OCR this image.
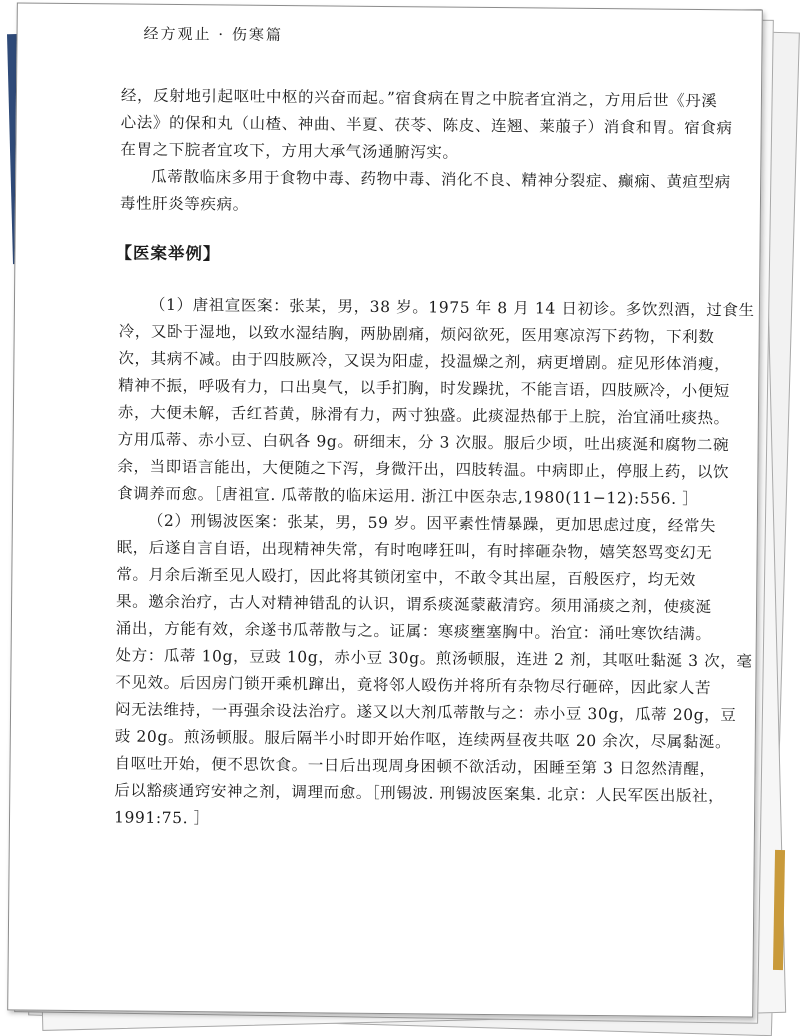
经方观止 · 伤寒篇
经，反射地引起呕吐中枢的兴奋而起。”宿食病在胃之中脘者宜消之，方用后世《丹溪
心法》的保和丸（山楂、神曲、半夏、茯苓、陈皮、连翘、莱菔子）消食和胃。宿食病
在胃之下脘者宜攻下，方用大承气汤通腑泻实。
瓜蒂散临床多用于食物中毒、药物中毒、消化不良、精神分裂症、癫痫、黄疸型病
毒性肝炎等疾病。
【医案举例】
（1）唐祖宣医案：张某，男，38 岁。1975 年 8 月 14 日初诊。多饮烈酒，过食生
冷，又卧于湿地，以致水湿结胸，两胁剧痛，烦闷欲死，医用寒凉泻下药物，下利数
次，其病不减。由于四肢厥冷，又误为阳虚，投温燥之剂，病更增剧。症见形体消瘦，
精神不振，呼吸有力，口出臭气，以手扪胸，时发躁扰，不能言语，四肢厥冷，小便短
赤，大便未解，舌红苔黄，脉滑有力，两寸独盛。此痰湿热郁于上脘，治宜涌吐痰热。
方用瓜蒂、赤小豆、白矾各 9g。研细末，分 3 次服。服后少顷，吐出痰涎和腐物二碗
余，当即语言能出，大便随之下泻，身微汗出，四肢转温。中病即止，停服上药，以饮
食调养而愈。［唐祖宣. 瓜蒂散的临床运用. 浙江中医杂志,1980(11−12):556. ］
（2）刑锡波医案：张某，男，59 岁。因平素性情暴躁，更加思虑过度，经常失
眠，后遂自言自语，出现精神失常，有时咆哮狂叫，有时摔砸杂物，嬉笑怒骂变幻无
常。月余后渐至见人殴打，因此将其锁闭室中，不敢令其出屋，百般医疗，均无效
果。邀余治疗，古人对精神错乱的认识，谓系痰涎蒙蔽清窍。须用涌痰之剂，使痰涎
涌出，方能有效，余遂书瓜蒂散与之。证属：寒痰壅塞胸中。治宜：涌吐寒饮结满。
处方：瓜蒂 10g，豆豉 10g，赤小豆 30g。煎汤顿服，连进 2 剂，其呕吐黏涎 3 次，毫
不见效。后因房门锁开乘机蹿出，竟将邻人殴伤并将所有杂物尽行砸碎，因此家人苦
闷无法维持，一再强余设法治疗。遂又以大剂瓜蒂散与之：赤小豆 30g，瓜蒂 20g，豆
豉 20g。煎汤顿服。服后隔半小时即开始作呕，连续两昼夜共呕 20 余次，尽属黏涎。
自呕吐开始，便不思饮食。一日后出现周身困顿不欲活动，困睡至第 3 日忽然清醒，
后以豁痰通窍安神之剂，调理而愈。［刑锡波. 刑锡波医案集. 北京：人民军医出版社，
1991:75. ］
